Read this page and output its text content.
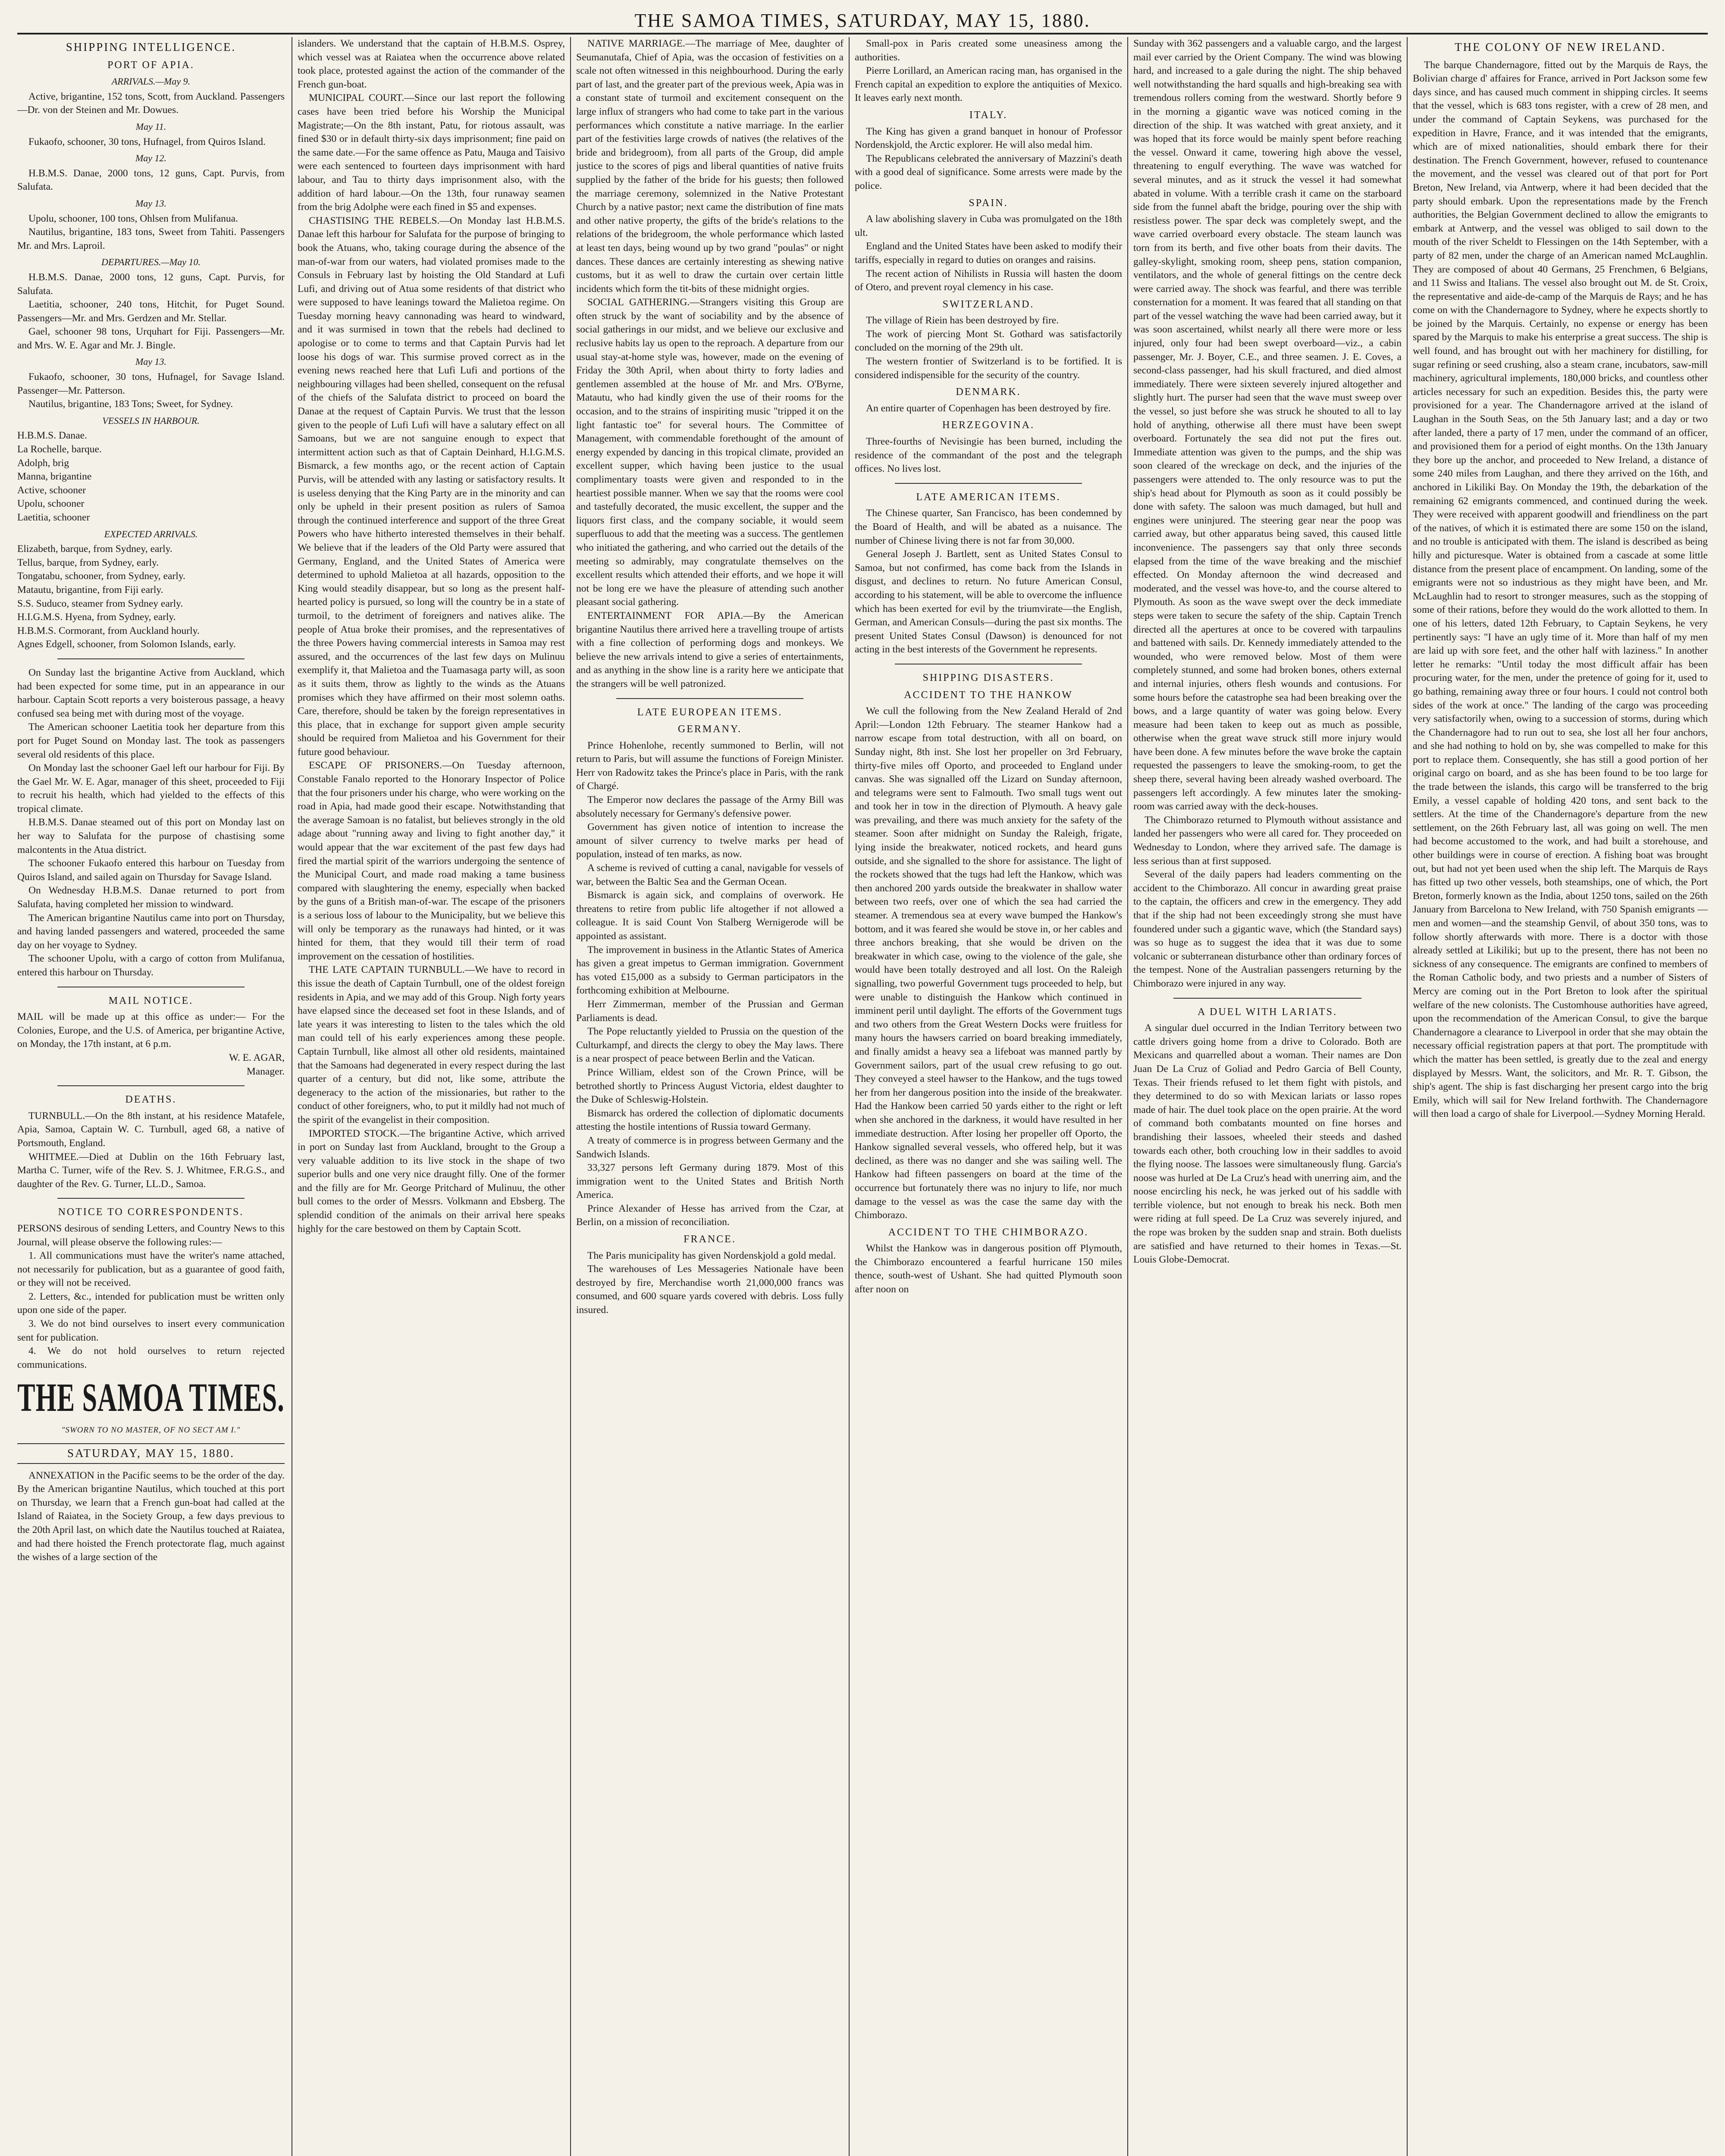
THE SAMOA TIMES, SATURDAY, MAY 15, 1880.
SHIPPING INTELLIGENCE.
PORT OF APIA.
ARRIVALS.—May 9.

Active, brigantine, 152 tons, Scott, from Auckland. Passengers—Dr. von der Steinen and Mr. Dowues.

May 11.

Fukaofo, schooner, 30 tons, Hufnagel, from Quiros Island.

May 12.

H.B.M.S. Danae, 2000 tons, 12 guns, Capt. Purvis, from Salufata.

May 13.

Upolu, schooner, 100 tons, Ohlsen from Mulifanua.

Nautilus, brigantine, 183 tons, Sweet from Tahiti. Passengers Mr. and Mrs. Laproil.

DEPARTURES.—May 10.

H.B.M.S. Danae, 2000 tons, 12 guns, Capt. Purvis, for Salufata.

Laetitia, schooner, 240 tons, Hitchit, for Puget Sound. Passengers—Mr. and Mrs. Gerdzen and Mr. Stellar.

Gael, schooner 98 tons, Urquhart for Fiji. Passengers—Mr. and Mrs. W. E. Agar and Mr. J. Bingle.

May 13.

Fukaofo, schooner, 30 tons, Hufnagel, for Savage Island. Passenger—Mr. Patterson.

Nautilus, brigantine, 183 Tons; Sweet, for Sydney.

VESSELS IN HARBOUR.

H.B.M.S. Danae.
La Rochelle, barque.
Adolph, brig
Manna, brigantine
Active, schooner
Upolu, schooner
Laetitia, schooner

EXPECTED ARRIVALS.

Elizabeth, barque, from Sydney, early.
Tellus, barque, from Sydney, early.
Tongatabu, schooner, from Sydney, early.
Matautu, brigantine, from Fiji early.
S.S. Suduco, steamer from Sydney early.
H.I.G.M.S. Hyena, from Sydney, early.
H.B.M.S. Cormorant, from Auckland hourly.
Agnes Edgell, schooner, from Solomon Islands, early.

On Sunday last the brigantine Active from Auckland, which had been expected for some time, put in an appearance in our harbour. Captain Scott reports a very boisterous passage, a heavy confused sea being met with during most of the voyage.

The American schooner Laetitia took her departure from this port for Puget Sound on Monday last. The took as passengers several old residents of this place.

On Monday last the schooner Gael left our harbour for Fiji. By the Gael Mr. W. E. Agar, manager of this sheet, proceeded to Fiji to recruit his health, which had yielded to the effects of this tropical climate.

H.B.M.S. Danae steamed out of this port on Monday last on her way to Salufata for the purpose of chastising some malcontents in the Atua district.

The schooner Fukaofo entered this harbour on Tuesday from Quiros Island, and sailed again on Thursday for Savage Island.

On Wednesday H.B.M.S. Danae returned to port from Salufata, having completed her mission to windward.

The American brigantine Nautilus came into port on Thursday, and having landed passengers and watered, proceeded the same day on her voyage to Sydney.

The schooner Upolu, with a cargo of cotton from Mulifanua, entered this harbour on Thursday.

MAIL NOTICE.

MAIL will be made up at this office as under:— For the Colonies, Europe, and the U.S. of America, per brigantine Active, on Monday, the 17th instant, at 6 p.m.

W. E. AGAR,

Manager.

DEATHS.

TURNBULL.—On the 8th instant, at his residence Matafele, Apia, Samoa, Captain W. C. Turnbull, aged 68, a native of Portsmouth, England.

WHITMEE.—Died at Dublin on the 16th February last, Martha C. Turner, wife of the Rev. S. J. Whitmee, F.R.G.S., and daughter of the Rev. G. Turner, LL.D., Samoa.

NOTICE TO CORRESPONDENTS.

PERSONS desirous of sending Letters, and Country News to this Journal, will please observe the following rules:—

1. All communications must have the writer's name attached, not necessarily for publication, but as a guarantee of good faith, or they will not be received.

2. Letters, &c., intended for publication must be written only upon one side of the paper.

3. We do not bind ourselves to insert every communication sent for publication.

4. We do not hold ourselves to return rejected communications.

THE SAMOA TIMES.
"SWORN TO NO MASTER, OF NO SECT AM I."
SATURDAY, MAY 15, 1880.

ANNEXATION in the Pacific seems to be the order of the day. By the American brigantine Nautilus, which touched at this port on Thursday, we learn that a French gun-boat had called at the Island of Raiatea, in the Society Group, a few days previous to the 20th April last, on which date the Nautilus touched at Raiatea, and had there hoisted the French protectorate flag, much against the wishes of a large section of the

islanders. We understand that the captain of H.B.M.S. Osprey, which vessel was at Raiatea when the occurrence above related took place, protested against the action of the commander of the French gun-boat.

MUNICIPAL COURT.—Since our last report the following cases have been tried before his Worship the Municipal Magistrate;—On the 8th instant, Patu, for riotous assault, was fined $30 or in default thirty-six days imprisonment; fine paid on the same date.—For the same offence as Patu, Mauga and Taisivo were each sentenced to fourteen days imprisonment with hard labour, and Tau to thirty days imprisonment also, with the addition of hard labour.—On the 13th, four runaway seamen from the brig Adolphe were each fined in $5 and expenses.

CHASTISING THE REBELS.—On Monday last H.B.M.S. Danae left this harbour for Salufata for the purpose of bringing to book the Atuans, who, taking courage during the absence of the man-of-war from our waters, had violated promises made to the Consuls in February last by hoisting the Old Standard at Lufi Lufi, and driving out of Atua some residents of that district who were supposed to have leanings toward the Malietoa regime. On Tuesday morning heavy cannonading was heard to windward, and it was surmised in town that the rebels had declined to apologise or to come to terms and that Captain Purvis had let loose his dogs of war. This surmise proved correct as in the evening news reached here that Lufi Lufi and portions of the neighbouring villages had been shelled, consequent on the refusal of the chiefs of the Salufata district to proceed on board the Danae at the request of Captain Purvis. We trust that the lesson given to the people of Lufi Lufi will have a salutary effect on all Samoans, but we are not sanguine enough to expect that intermittent action such as that of Captain Deinhard, H.I.G.M.S. Bismarck, a few months ago, or the recent action of Captain Purvis, will be attended with any lasting or satisfactory results. It is useless denying that the King Party are in the minority and can only be upheld in their present position as rulers of Samoa through the continued interference and support of the three Great Powers who have hitherto interested themselves in their behalf. We believe that if the leaders of the Old Party were assured that Germany, England, and the United States of America were determined to uphold Malietoa at all hazards, opposition to the King would steadily disappear, but so long as the present half-hearted policy is pursued, so long will the country be in a state of turmoil, to the detriment of foreigners and natives alike. The people of Atua broke their promises, and the representatives of the three Powers having commercial interests in Samoa may rest assured, and the occurrences of the last few days on Mulinuu exemplify it, that Malietoa and the Tuamasaga party will, as soon as it suits them, throw as lightly to the winds as the Atuans promises which they have affirmed on their most solemn oaths. Care, therefore, should be taken by the foreign representatives in this place, that in exchange for support given ample security should be required from Malietoa and his Government for their future good behaviour.

ESCAPE OF PRISONERS.—On Tuesday afternoon, Constable Fanalo reported to the Honorary Inspector of Police that the four prisoners under his charge, who were working on the road in Apia, had made good their escape. Notwithstanding that the average Samoan is no fatalist, but believes strongly in the old adage about "running away and living to fight another day," it would appear that the war excitement of the past few days had fired the martial spirit of the warriors undergoing the sentence of the Municipal Court, and made road making a tame business compared with slaughtering the enemy, especially when backed by the guns of a British man-of-war. The escape of the prisoners is a serious loss of labour to the Municipality, but we believe this will only be temporary as the runaways had hinted, or it was hinted for them, that they would till their term of road improvement on the cessation of hostilities.

THE LATE CAPTAIN TURNBULL.—We have to record in this issue the death of Captain Turnbull, one of the oldest foreign residents in Apia, and we may add of this Group. Nigh forty years have elapsed since the deceased set foot in these Islands, and of late years it was interesting to listen to the tales which the old man could tell of his early experiences among these people. Captain Turnbull, like almost all other old residents, maintained that the Samoans had degenerated in every respect during the last quarter of a century, but did not, like some, attribute the degeneracy to the action of the missionaries, but rather to the conduct of other foreigners, who, to put it mildly had not much of the spirit of the evangelist in their composition.

IMPORTED STOCK.—The brigantine Active, which arrived in port on Sunday last from Auckland, brought to the Group a very valuable addition to its live stock in the shape of two superior bulls and one very nice draught filly. One of the former and the filly are for Mr. George Pritchard of Mulinuu, the other bull comes to the order of Messrs. Volkmann and Ebsberg. The splendid condition of the animals on their arrival here speaks highly for the care bestowed on them by Captain Scott.

NATIVE MARRIAGE.—The marriage of Mee, daughter of Seumanutafa, Chief of Apia, was the occasion of festivities on a scale not often witnessed in this neighbourhood. During the early part of last, and the greater part of the previous week, Apia was in a constant state of turmoil and excitement consequent on the large influx of strangers who had come to take part in the various performances which constitute a native marriage. In the earlier part of the festivities large crowds of natives (the relatives of the bride and bridegroom), from all parts of the Group, did ample justice to the scores of pigs and liberal quantities of native fruits supplied by the father of the bride for his guests; then followed the marriage ceremony, solemnized in the Native Protestant Church by a native pastor; next came the distribution of fine mats and other native property, the gifts of the bride's relations to the relations of the bridegroom, the whole performance which lasted at least ten days, being wound up by two grand "poulas" or night dances. These dances are certainly interesting as shewing native customs, but it as well to draw the curtain over certain little incidents which form the tit-bits of these midnight orgies.

SOCIAL GATHERING.—Strangers visiting this Group are often struck by the want of sociability and by the absence of social gatherings in our midst, and we believe our exclusive and reclusive habits lay us open to the reproach. A departure from our usual stay-at-home style was, however, made on the evening of Friday the 30th April, when about thirty to forty ladies and gentlemen assembled at the house of Mr. and Mrs. O'Byrne, Matautu, who had kindly given the use of their rooms for the occasion, and to the strains of inspiriting music "tripped it on the light fantastic toe" for several hours. The Committee of Management, with commendable forethought of the amount of energy expended by dancing in this tropical climate, provided an excellent supper, which having been justice to the usual complimentary toasts were given and responded to in the heartiest possible manner. When we say that the rooms were cool and tastefully decorated, the music excellent, the supper and the liquors first class, and the company sociable, it would seem superfluous to add that the meeting was a success. The gentlemen who initiated the gathering, and who carried out the details of the meeting so admirably, may congratulate themselves on the excellent results which attended their efforts, and we hope it will not be long ere we have the pleasure of attending such another pleasant social gathering.

ENTERTAINMENT FOR APIA.—By the American brigantine Nautilus there arrived here a travelling troupe of artists with a fine collection of performing dogs and monkeys. We believe the new arrivals intend to give a series of entertainments, and as anything in the show line is a rarity here we anticipate that the strangers will be well patronized.

LATE EUROPEAN ITEMS.
GERMANY.

Prince Hohenlohe, recently summoned to Berlin, will not return to Paris, but will assume the functions of Foreign Minister. Herr von Radowitz takes the Prince's place in Paris, with the rank of Chargé.

The Emperor now declares the passage of the Army Bill was absolutely necessary for Germany's defensive power.

Government has given notice of intention to increase the amount of silver currency to twelve marks per head of population, instead of ten marks, as now.

A scheme is revived of cutting a canal, navigable for vessels of war, between the Baltic Sea and the German Ocean.

Bismarck is again sick, and complains of overwork. He threatens to retire from public life altogether if not allowed a colleague. It is said Count Von Stalberg Wernigerode will be appointed as assistant.

The improvement in business in the Atlantic States of America has given a great impetus to German immigration. Government has voted £15,000 as a subsidy to German participators in the forthcoming exhibition at Melbourne.

Herr Zimmerman, member of the Prussian and German Parliaments is dead.

The Pope reluctantly yielded to Prussia on the question of the Culturkampf, and directs the clergy to obey the May laws. There is a near prospect of peace between Berlin and the Vatican.

Prince William, eldest son of the Crown Prince, will be betrothed shortly to Princess August Victoria, eldest daughter to the Duke of Schleswig-Holstein.

Bismarck has ordered the collection of diplomatic documents attesting the hostile intentions of Russia toward Germany.

A treaty of commerce is in progress between Germany and the Sandwich Islands.

33,327 persons left Germany during 1879. Most of this immigration went to the United States and British North America.

Prince Alexander of Hesse has arrived from the Czar, at Berlin, on a mission of reconciliation.

FRANCE.

The Paris municipality has given Nordenskjold a gold medal.

The warehouses of Les Messageries Nationale have been destroyed by fire, Merchandise worth 21,000,000 francs was consumed, and 600 square yards covered with debris. Loss fully insured.

Small-pox in Paris created some uneasiness among the authorities.

Pierre Lorillard, an American racing man, has organised in the French capital an expedition to explore the antiquities of Mexico. It leaves early next month.

ITALY.

The King has given a grand banquet in honour of Professor Nordenskjold, the Arctic explorer. He will also medal him.

The Republicans celebrated the anniversary of Mazzini's death with a good deal of significance. Some arrests were made by the police.

SPAIN.

A law abolishing slavery in Cuba was promulgated on the 18th ult.

England and the United States have been asked to modify their tariffs, especially in regard to duties on oranges and raisins.

The recent action of Nihilists in Russia will hasten the doom of Otero, and prevent royal clemency in his case.

SWITZERLAND.

The village of Riein has been destroyed by fire.

The work of piercing Mont St. Gothard was satisfactorily concluded on the morning of the 29th ult.

The western frontier of Switzerland is to be fortified. It is considered indispensible for the security of the country.

DENMARK.

An entire quarter of Copenhagen has been destroyed by fire.

HERZEGOVINA.

Three-fourths of Nevisingie has been burned, including the residence of the commandant of the post and the telegraph offices. No lives lost.

LATE AMERICAN ITEMS.

The Chinese quarter, San Francisco, has been condemned by the Board of Health, and will be abated as a nuisance. The number of Chinese living there is not far from 30,000.

General Joseph J. Bartlett, sent as United States Consul to Samoa, but not confirmed, has come back from the Islands in disgust, and declines to return. No future American Consul, according to his statement, will be able to overcome the influence which has been exerted for evil by the triumvirate—the English, German, and American Consuls—during the past six months. The present United States Consul (Dawson) is denounced for not acting in the best interests of the Government he represents.

SHIPPING DISASTERS.
ACCIDENT TO THE HANKOW

We cull the following from the New Zealand Herald of 2nd April:—London 12th February. The steamer Hankow had a narrow escape from total destruction, with all on board, on Sunday night, 8th inst. She lost her propeller on 3rd February, thirty-five miles off Oporto, and proceeded to England under canvas. She was signalled off the Lizard on Sunday afternoon, and telegrams were sent to Falmouth. Two small tugs went out and took her in tow in the direction of Plymouth. A heavy gale was prevailing, and there was much anxiety for the safety of the steamer. Soon after midnight on Sunday the Raleigh, frigate, lying inside the breakwater, noticed rockets, and heard guns outside, and she signalled to the shore for assistance. The light of the rockets showed that the tugs had left the Hankow, which was then anchored 200 yards outside the breakwater in shallow water between two reefs, over one of which the sea had carried the steamer. A tremendous sea at every wave bumped the Hankow's bottom, and it was feared she would be stove in, or her cables and three anchors breaking, that she would be driven on the breakwater in which case, owing to the violence of the gale, she would have been totally destroyed and all lost. On the Raleigh signalling, two powerful Government tugs proceeded to help, but were unable to distinguish the Hankow which continued in imminent peril until daylight. The efforts of the Government tugs and two others from the Great Western Docks were fruitless for many hours the hawsers carried on board breaking immediately, and finally amidst a heavy sea a lifeboat was manned partly by Government sailors, part of the usual crew refusing to go out. They conveyed a steel hawser to the Hankow, and the tugs towed her from her dangerous position into the inside of the breakwater. Had the Hankow been carried 50 yards either to the right or left when she anchored in the darkness, it would have resulted in her immediate destruction. After losing her propeller off Oporto, the Hankow signalled several vessels, who offered help, but it was declined, as there was no danger and she was sailing well. The Hankow had fifteen passengers on board at the time of the occurrence but fortunately there was no injury to life, nor much damage to the vessel as was the case the same day with the Chimborazo.

ACCIDENT TO THE CHIMBORAZO.

Whilst the Hankow was in dangerous position off Plymouth, the Chimborazo encountered a fearful hurricane 150 miles thence, south-west of Ushant. She had quitted Plymouth soon after noon on

Sunday with 362 passengers and a valuable cargo, and the largest mail ever carried by the Orient Company. The wind was blowing hard, and increased to a gale during the night. The ship behaved well notwithstanding the hard squalls and high-breaking sea with tremendous rollers coming from the westward. Shortly before 9 in the morning a gigantic wave was noticed coming in the direction of the ship. It was watched with great anxiety, and it was hoped that its force would be mainly spent before reaching the vessel. Onward it came, towering high above the vessel, threatening to engulf everything. The wave was watched for several minutes, and as it struck the vessel it had somewhat abated in volume. With a terrible crash it came on the starboard side from the funnel abaft the bridge, pouring over the ship with resistless power. The spar deck was completely swept, and the wave carried overboard every obstacle. The steam launch was torn from its berth, and five other boats from their davits. The galley-skylight, smoking room, sheep pens, station companion, ventilators, and the whole of general fittings on the centre deck were carried away. The shock was fearful, and there was terrible consternation for a moment. It was feared that all standing on that part of the vessel watching the wave had been carried away, but it was soon ascertained, whilst nearly all there were more or less injured, only four had been swept overboard—viz., a cabin passenger, Mr. J. Boyer, C.E., and three seamen. J. E. Coves, a second-class passenger, had his skull fractured, and died almost immediately. There were sixteen severely injured altogether and slightly hurt. The purser had seen that the wave must sweep over the vessel, so just before she was struck he shouted to all to lay hold of anything, otherwise all there must have been swept overboard. Fortunately the sea did not put the fires out. Immediate attention was given to the pumps, and the ship was soon cleared of the wreckage on deck, and the injuries of the passengers were attended to. The only resource was to put the ship's head about for Plymouth as soon as it could possibly be done with safety. The saloon was much damaged, but hull and engines were uninjured. The steering gear near the poop was carried away, but other apparatus being saved, this caused little inconvenience. The passengers say that only three seconds elapsed from the time of the wave breaking and the mischief effected. On Monday afternoon the wind decreased and moderated, and the vessel was hove-to, and the course altered to Plymouth. As soon as the wave swept over the deck immediate steps were taken to secure the safety of the ship. Captain Trench directed all the apertures at once to be covered with tarpaulins and battened with sails. Dr. Kennedy immediately attended to the wounded, who were removed below. Most of them were completely stunned, and some had broken bones, others external and internal injuries, others flesh wounds and contusions. For some hours before the catastrophe sea had been breaking over the bows, and a large quantity of water was going below. Every measure had been taken to keep out as much as possible, otherwise when the great wave struck still more injury would have been done. A few minutes before the wave broke the captain requested the passengers to leave the smoking-room, to get the sheep there, several having been already washed overboard. The passengers left accordingly. A few minutes later the smoking-room was carried away with the deck-houses.

The Chimborazo returned to Plymouth without assistance and landed her passengers who were all cared for. They proceeded on Wednesday to London, where they arrived safe. The damage is less serious than at first supposed.

Several of the daily papers had leaders commenting on the accident to the Chimborazo. All concur in awarding great praise to the captain, the officers and crew in the emergency. They add that if the ship had not been exceedingly strong she must have foundered under such a gigantic wave, which (the Standard says) was so huge as to suggest the idea that it was due to some volcanic or subterranean disturbance other than ordinary forces of the tempest. None of the Australian passengers returning by the Chimborazo were injured in any way.

A DUEL WITH LARIATS.

A singular duel occurred in the Indian Territory between two cattle drivers going home from a drive to Colorado. Both are Mexicans and quarrelled about a woman. Their names are Don Juan De La Cruz of Goliad and Pedro Garcia of Bell County, Texas. Their friends refused to let them fight with pistols, and they determined to do so with Mexican lariats or lasso ropes made of hair. The duel took place on the open prairie. At the word of command both combatants mounted on fine horses and brandishing their lassoes, wheeled their steeds and dashed towards each other, both crouching low in their saddles to avoid the flying noose. The lassoes were simultaneously flung. Garcia's noose was hurled at De La Cruz's head with unerring aim, and the noose encircling his neck, he was jerked out of his saddle with terrible violence, but not enough to break his neck. Both men were riding at full speed. De La Cruz was severely injured, and the rope was broken by the sudden snap and strain. Both duelists are satisfied and have returned to their homes in Texas.—St. Louis Globe-Democrat.

THE COLONY OF NEW IRELAND.

The barque Chandernagore, fitted out by the Marquis de Rays, the Bolivian charge d' affaires for France, arrived in Port Jackson some few days since, and has caused much comment in shipping circles. It seems that the vessel, which is 683 tons register, with a crew of 28 men, and under the command of Captain Seykens, was purchased for the expedition in Havre, France, and it was intended that the emigrants, which are of mixed nationalities, should embark there for their destination. The French Government, however, refused to countenance the movement, and the vessel was cleared out of that port for Port Breton, New Ireland, via Antwerp, where it had been decided that the party should embark. Upon the representations made by the French authorities, the Belgian Government declined to allow the emigrants to embark at Antwerp, and the vessel was obliged to sail down to the mouth of the river Scheldt to Flessingen on the 14th September, with a party of 82 men, under the charge of an American named McLaughlin. They are composed of about 40 Germans, 25 Frenchmen, 6 Belgians, and 11 Swiss and Italians. The vessel also brought out M. de St. Croix, the representative and aide-de-camp of the Marquis de Rays; and he has come on with the Chandernagore to Sydney, where he expects shortly to be joined by the Marquis. Certainly, no expense or energy has been spared by the Marquis to make his enterprise a great success. The ship is well found, and has brought out with her machinery for distilling, for sugar refining or seed crushing, also a steam crane, incubators, saw-mill machinery, agricultural implements, 180,000 bricks, and countless other articles necessary for such an expedition. Besides this, the party were provisioned for a year. The Chandernagore arrived at the island of Laughan in the South Seas, on the 5th January last; and a day or two after landed, there a party of 17 men, under the command of an officer, and provisioned them for a period of eight months. On the 13th January they bore up the anchor, and proceeded to New Ireland, a distance of some 240 miles from Laughan, and there they arrived on the 16th, and anchored in Likiliki Bay. On Monday the 19th, the debarkation of the remaining 62 emigrants commenced, and continued during the week. They were received with apparent goodwill and friendliness on the part of the natives, of which it is estimated there are some 150 on the island, and no trouble is anticipated with them. The island is described as being hilly and picturesque. Water is obtained from a cascade at some little distance from the present place of encampment. On landing, some of the emigrants were not so industrious as they might have been, and Mr. McLaughlin had to resort to stronger measures, such as the stopping of some of their rations, before they would do the work allotted to them. In one of his letters, dated 12th February, to Captain Seykens, he very pertinently says: "I have an ugly time of it. More than half of my men are laid up with sore feet, and the other half with laziness." In another letter he remarks: "Until today the most difficult affair has been procuring water, for the men, under the pretence of going for it, used to go bathing, remaining away three or four hours. I could not control both sides of the work at once." The landing of the cargo was proceeding very satisfactorily when, owing to a succession of storms, during which the Chandernagore had to run out to sea, she lost all her four anchors, and she had nothing to hold on by, she was compelled to make for this port to replace them. Consequently, she has still a good portion of her original cargo on board, and as she has been found to be too large for the trade between the islands, this cargo will be transferred to the brig Emily, a vessel capable of holding 420 tons, and sent back to the settlers. At the time of the Chandernagore's departure from the new settlement, on the 26th February last, all was going on well. The men had become accustomed to the work, and had built a storehouse, and other buildings were in course of erection. A fishing boat was brought out, but had not yet been used when the ship left. The Marquis de Rays has fitted up two other vessels, both steamships, one of which, the Port Breton, formerly known as the India, about 1250 tons, sailed on the 26th January from Barcelona to New Ireland, with 750 Spanish emigrants — men and women—and the steamship Genvil, of about 350 tons, was to follow shortly afterwards with more. There is a doctor with those already settled at Likiliki; but up to the present, there has not been no sickness of any consequence. The emigrants are confined to members of the Roman Catholic body, and two priests and a number of Sisters of Mercy are coming out in the Port Breton to look after the spiritual welfare of the new colonists. The Customhouse authorities have agreed, upon the recommendation of the American Consul, to give the barque Chandernagore a clearance to Liverpool in order that she may obtain the necessary official registration papers at that port. The promptitude with which the matter has been settled, is greatly due to the zeal and energy displayed by Messrs. Want, the solicitors, and Mr. R. T. Gibson, the ship's agent. The ship is fast discharging her present cargo into the brig Emily, which will sail for New Ireland forthwith. The Chandernagore will then load a cargo of shale for Liverpool.—Sydney Morning Herald.
